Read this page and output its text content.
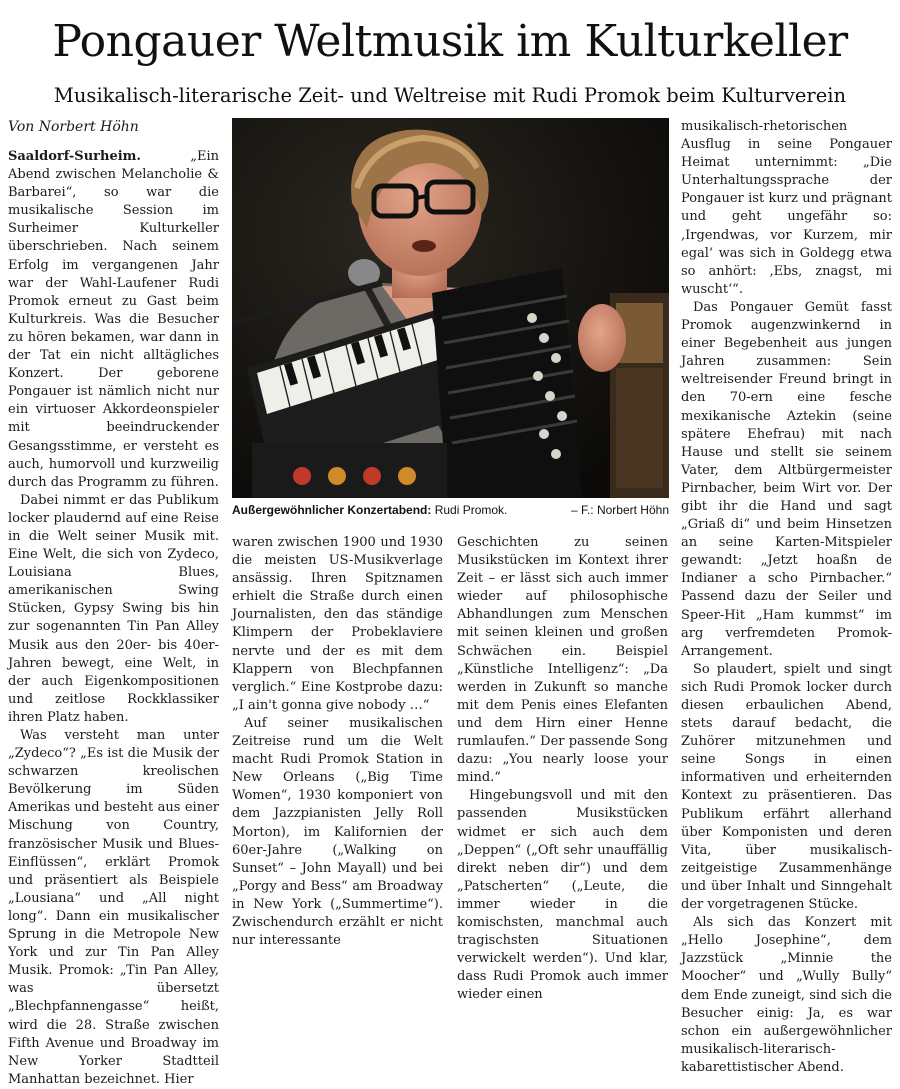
Pongauer Weltmusik im Kulturkeller
Musikalisch-literarische Zeit- und Weltreise mit Rudi Promok beim Kulturverein
Von Norbert Höhn

Saaldorf-Surheim.	„Ein Abend zwischen Melancholie & Barbarei“, so war die musikalische Session im Surheimer Kulturkeller überschrieben. Nach seinem Erfolg im vergangenen Jahr war der Wahl-Laufener Rudi Promok erneut zu Gast beim Kulturkreis. Was die Besucher zu hören bekamen, war dann in der Tat ein nicht alltägliches Konzert. Der geborene Pongauer ist nämlich nicht nur ein virtuoser Akkordeonspieler mit beeindruckender Gesangsstimme, er versteht es auch, humorvoll und kurzweilig durch das Programm zu führen.

Dabei nimmt er das Publikum locker plaudernd auf eine Reise in die Welt seiner Musik mit. Eine Welt, die sich von Zydeco, Louisiana Blues, amerikanischen Swing Stücken, Gypsy Swing bis hin zur sogenannten Tin Pan Alley Musik aus den 20er- bis 40er-Jahren bewegt, eine Welt, in der auch Eigenkompositionen und zeitlose Rockklassiker ihren Platz haben.

Was versteht man unter „Zydeco“? „Es ist die Musik der schwarzen kreolischen Bevölkerung im Süden Amerikas und besteht aus einer Mischung von Country, französischer Musik und Blues-Einflüssen“, erklärt Promok und präsentiert als Beispiele „Lousiana“ und „All night long“. Dann ein musikalischer Sprung in die Metropole New York und zur Tin Pan Alley Musik. Promok: „Tin Pan Alley, was übersetzt „Blechpfannengasse“ heißt, wird die 28. Straße zwischen Fifth Avenue und Broadway im New Yorker Stadtteil Manhattan bezeichnet. Hier

Außergewöhnlicher Konzertabend: Rudi Promok.	– F.: Norbert Höhn

waren zwischen 1900 und 1930 die meisten US-Musikverlage ansässig. Ihren Spitznamen erhielt die Straße durch einen Journalisten, den das ständige Klimpern der Probeklaviere nervte und der es mit dem Klappern von Blechpfannen verglich.“ Eine Kostprobe dazu: „I ain't gonna give nobody …“

Auf seiner musikalischen Zeitreise rund um die Welt macht Rudi Promok Station in New Orleans („Big Time Women“, 1930 komponiert von dem Jazzpianisten Jelly Roll Morton), im Kalifornien der 60er-Jahre („Walking on Sunset“ – John Mayall) und bei „Porgy and Bess“ am Broadway in New York („Summertime“). Zwischendurch erzählt er nicht nur interessante

Geschichten zu seinen Musikstücken im Kontext ihrer Zeit – er lässt sich auch immer wieder auf philosophische Abhandlungen zum Menschen mit seinen kleinen und großen Schwächen ein. Beispiel „Künstliche Intelligenz“: „Da werden in Zukunft so manche mit dem Penis eines Elefanten und dem Hirn einer Henne rumlaufen.“ Der passende Song dazu: „You nearly loose your mind.“

Hingebungsvoll und mit den passenden Musikstücken widmet er sich auch dem „Deppen“ („Oft sehr unauffällig direkt neben dir“) und dem „Patscherten“ („Leute, die immer wieder in die komischsten, manchmal auch tragischsten Situationen verwickelt werden“). Und klar, dass Rudi Promok auch immer wieder einen

musikalisch-rhetorischen Ausflug in seine Pongauer Heimat unternimmt: „Die Unterhaltungssprache der Pongauer ist kurz und prägnant und geht ungefähr so: ‚Irgendwas, vor Kurzem, mir egal‘ was sich in Goldegg etwa so anhört: ‚Ebs, znagst, mi wuscht‘“.

Das Pongauer Gemüt fasst Promok augenzwinkernd in einer Begebenheit aus jungen Jahren zusammen: Sein weltreisender Freund bringt in den 70-ern eine fesche mexikanische Aztekin (seine spätere Ehefrau) mit nach Hause und stellt sie seinem Vater, dem Altbürgermeister Pirnbacher, beim Wirt vor. Der gibt ihr die Hand und sagt „Griaß di“ und beim Hinsetzen an seine Karten-Mitspieler gewandt: „Jetzt hoaßn de Indianer a scho Pirnbacher.“ Passend dazu der Seiler und Speer-Hit „Ham kummst“ im arg verfremdeten Promok-Arrangement.

So plaudert, spielt und singt sich Rudi Promok locker durch diesen erbaulichen Abend, stets darauf bedacht, die Zuhörer mitzunehmen und seine Songs in einen informativen und erheiternden Kontext zu präsentieren. Das Publikum erfährt allerhand über Komponisten und deren Vita, über musikalisch-zeitgeistige Zusammenhänge und über Inhalt und Sinngehalt der vorgetragenen Stücke.

Als sich das Konzert mit „Hello Josephine“, dem Jazzstück „Minnie the Moocher“ und „Wully Bully“ dem Ende zuneigt, sind sich die Besucher einig: Ja, es war schon ein außergewöhnlicher musikalisch-literarisch-kabarettistischer Abend.
